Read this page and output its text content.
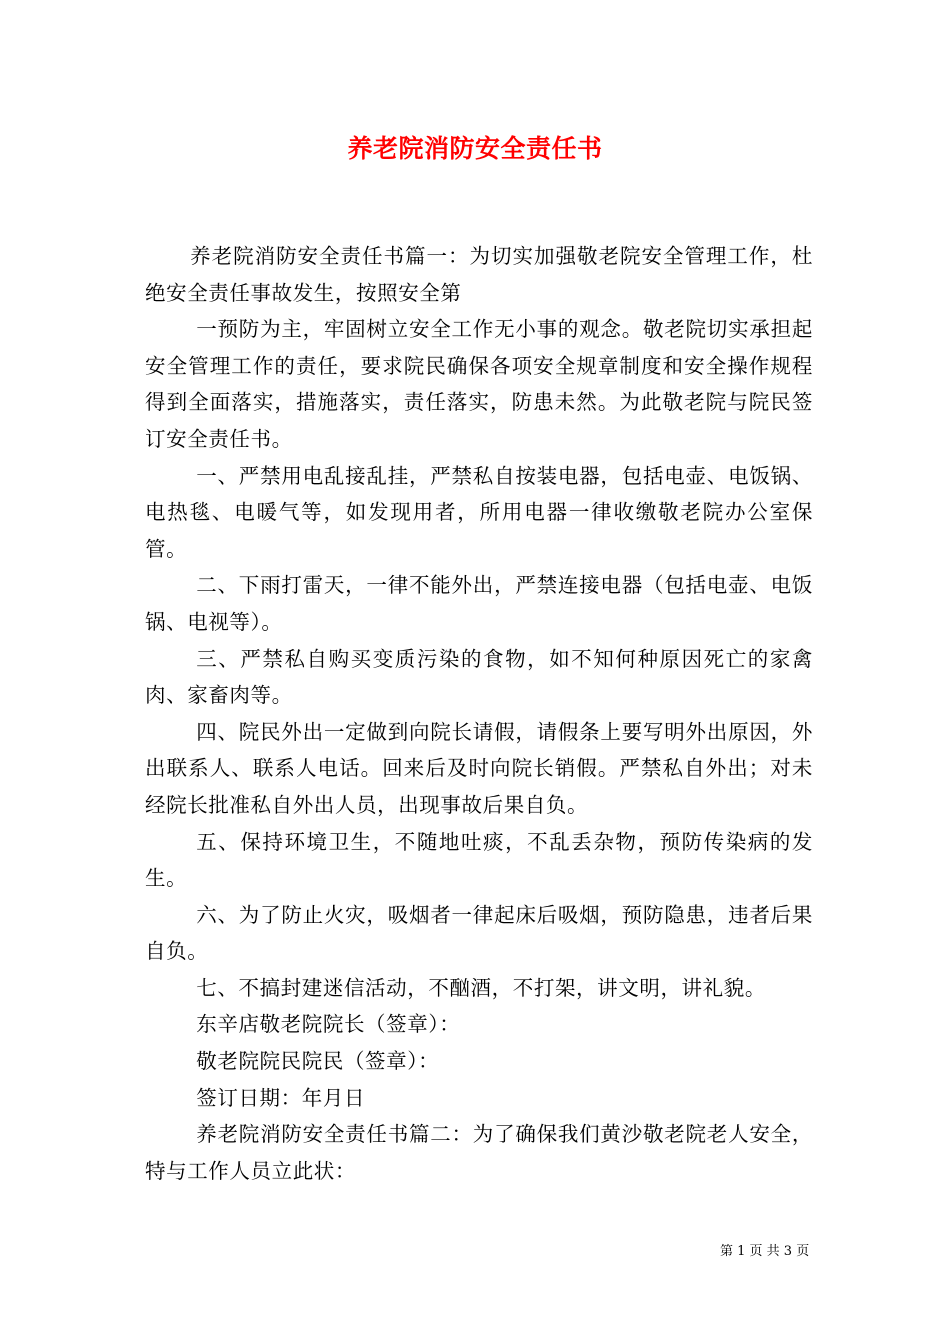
养老院消防安全责任书

养老院消防安全责任书篇一：为切实加强敬老院安全管理工作，杜绝安全责任事故发生，按照安全第

一预防为主，牢固树立安全工作无小事的观念。敬老院切实承担起安全管理工作的责任，要求院民确保各项安全规章制度和安全操作规程得到全面落实，措施落实，责任落实，防患未然。为此敬老院与院民签订安全责任书。

一、严禁用电乱接乱挂，严禁私自按装电器，包括电壶、电饭锅、电热毯、电暖气等，如发现用者，所用电器一律收缴敬老院办公室保管。

二、下雨打雷天，一律不能外出，严禁连接电器（包括电壶、电饭锅、电视等）。

三、严禁私自购买变质污染的食物，如不知何种原因死亡的家禽肉、家畜肉等。

四、院民外出一定做到向院长请假，请假条上要写明外出原因，外出联系人、联系人电话。回来后及时向院长销假。严禁私自外出；对未经院长批准私自外出人员，出现事故后果自负。

五、保持环境卫生，不随地吐痰，不乱丢杂物，预防传染病的发生。

六、为了防止火灾，吸烟者一律起床后吸烟，预防隐患，违者后果自负。

七、不搞封建迷信活动，不酗酒，不打架，讲文明，讲礼貌。

东辛店敬老院院长（签章）：

敬老院院民院民（签章）：

签订日期：年月日

养老院消防安全责任书篇二：为了确保我们黄沙敬老院老人安全，特与工作人员立此状：

第 1 页 共 3 页
